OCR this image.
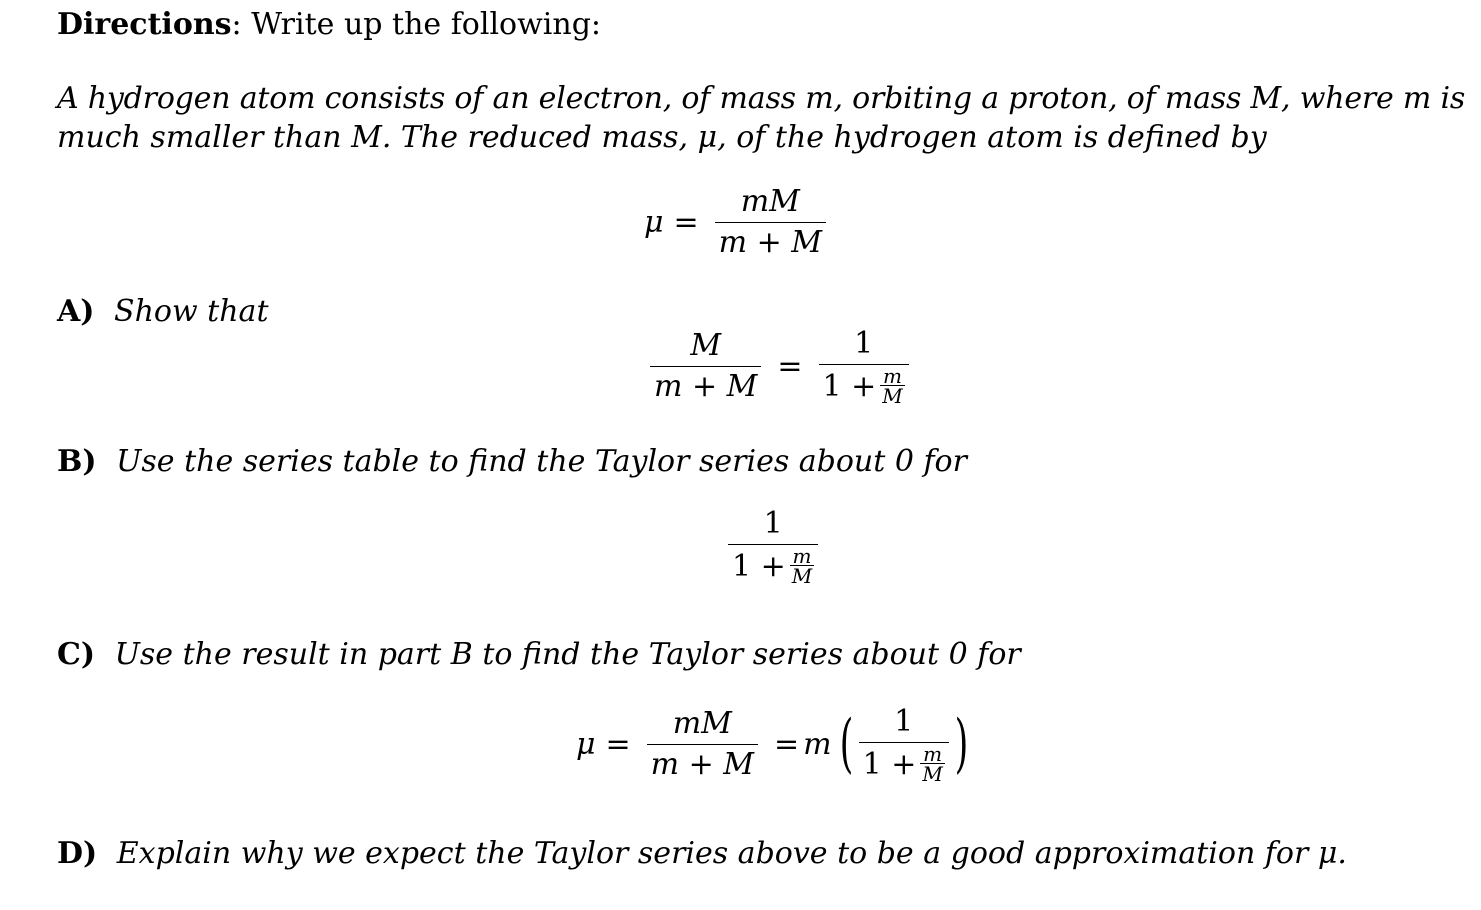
Directions: Write up the following:
A hydrogen atom consists of an electron, of mass m, orbiting a proton, of mass M, where m is
much smaller than M. The reduced mass, μ, of the hydrogen atom is defined by
$\mu = \frac{mM}{m + M}$
A) Show that
$\frac{M}{m + M} = \frac{1}{1 + \frac{m}{M}}$
B) Use the series table to find the Taylor series about 0 for
$\frac{1}{1 + \frac{m}{M}}$
C) Use the result in part B to find the Taylor series about 0 for
$\mu = \frac{mM}{m + M} = m$ ( $\frac{1}{1 + \frac{m}{M}}$ )
D) Explain why we expect the Taylor series above to be a good approximation for μ.
